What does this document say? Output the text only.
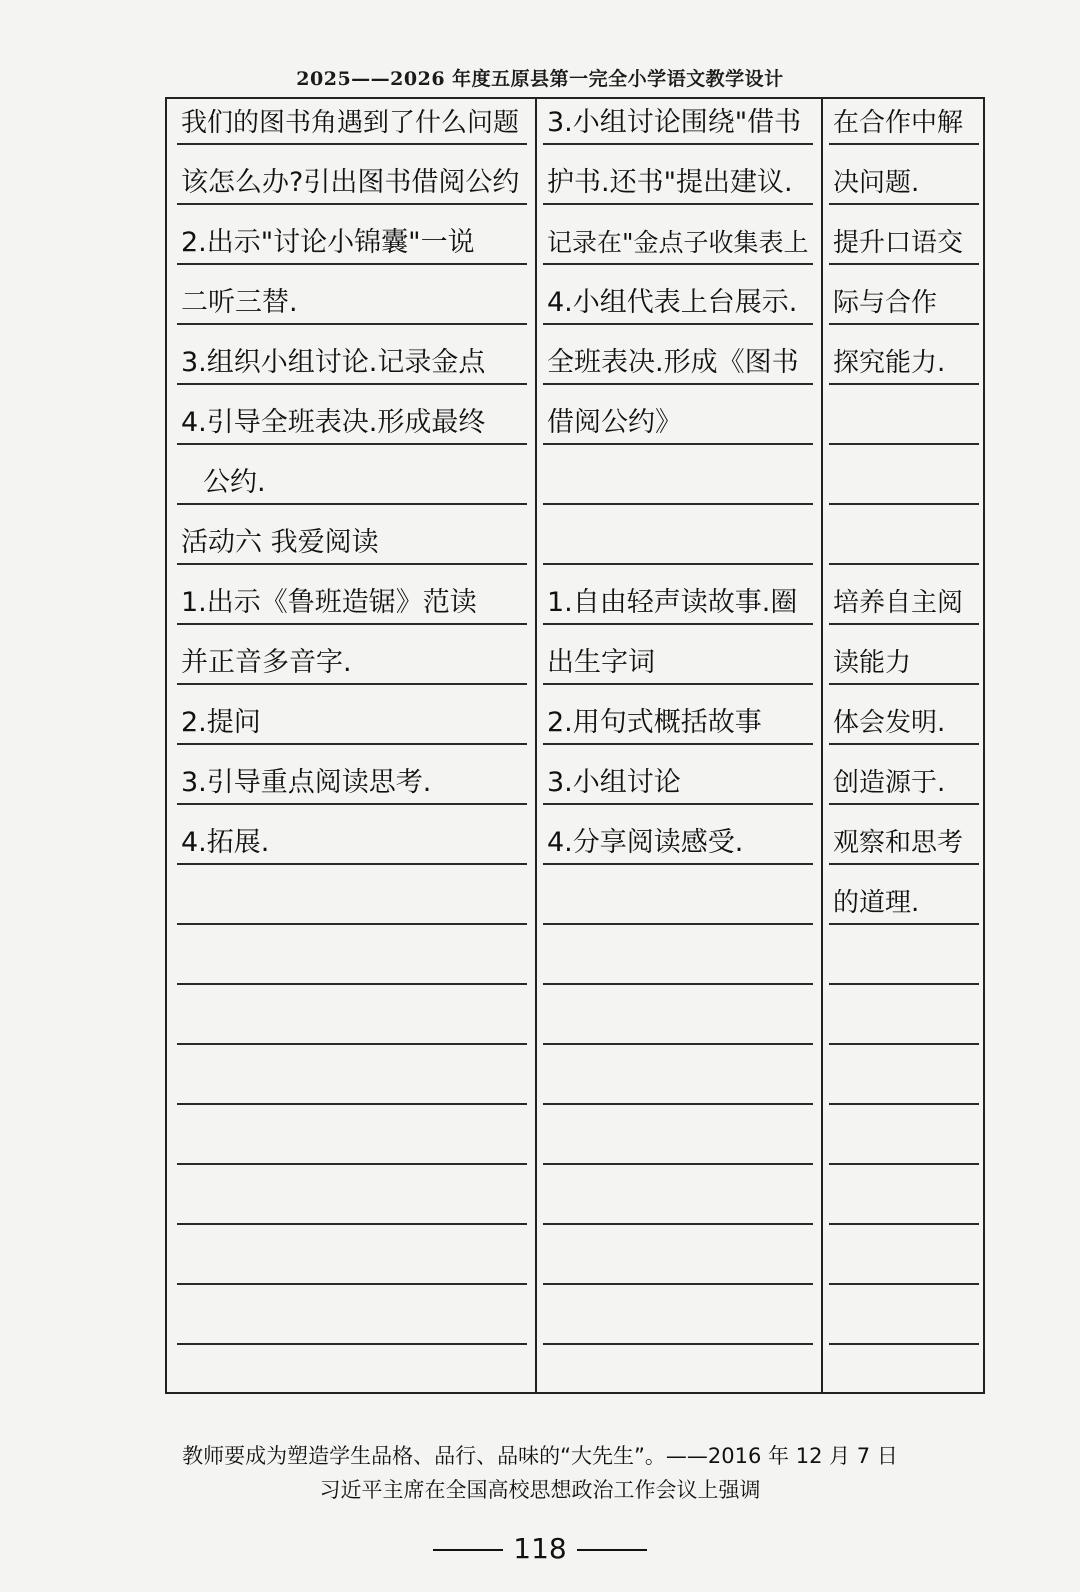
2025——2026 年度五原县第一完全小学语文教学设计
我们的图书角遇到了什么问题
该怎么办?引出图书借阅公约
2.出示"讨论小锦囊"一说
二听三替.
3.组织小组讨论.记录金点
4.引导全班表决.形成最终
公约.
活动六 我爱阅读
1.出示《鲁班造锯》范读
并正音多音字.
2.提问
3.引导重点阅读思考.
4.拓展.
3.小组讨论围绕"借书
护书.还书"提出建议.
记录在"金点子收集表上
4.小组代表上台展示.
全班表决.形成《图书
借阅公约》
1.自由轻声读故事.圈
出生字词
2.用句式概括故事
3.小组讨论
4.分享阅读感受.
在合作中解
决问题.
提升口语交
际与合作
探究能力.
培养自主阅
读能力
体会发明.
创造源于.
观察和思考
的道理.
教师要成为塑造学生品格、品行、品味的“大先生”。——2016 年 12 月 7 日
习近平主席在全国高校思想政治工作会议上强调
118
